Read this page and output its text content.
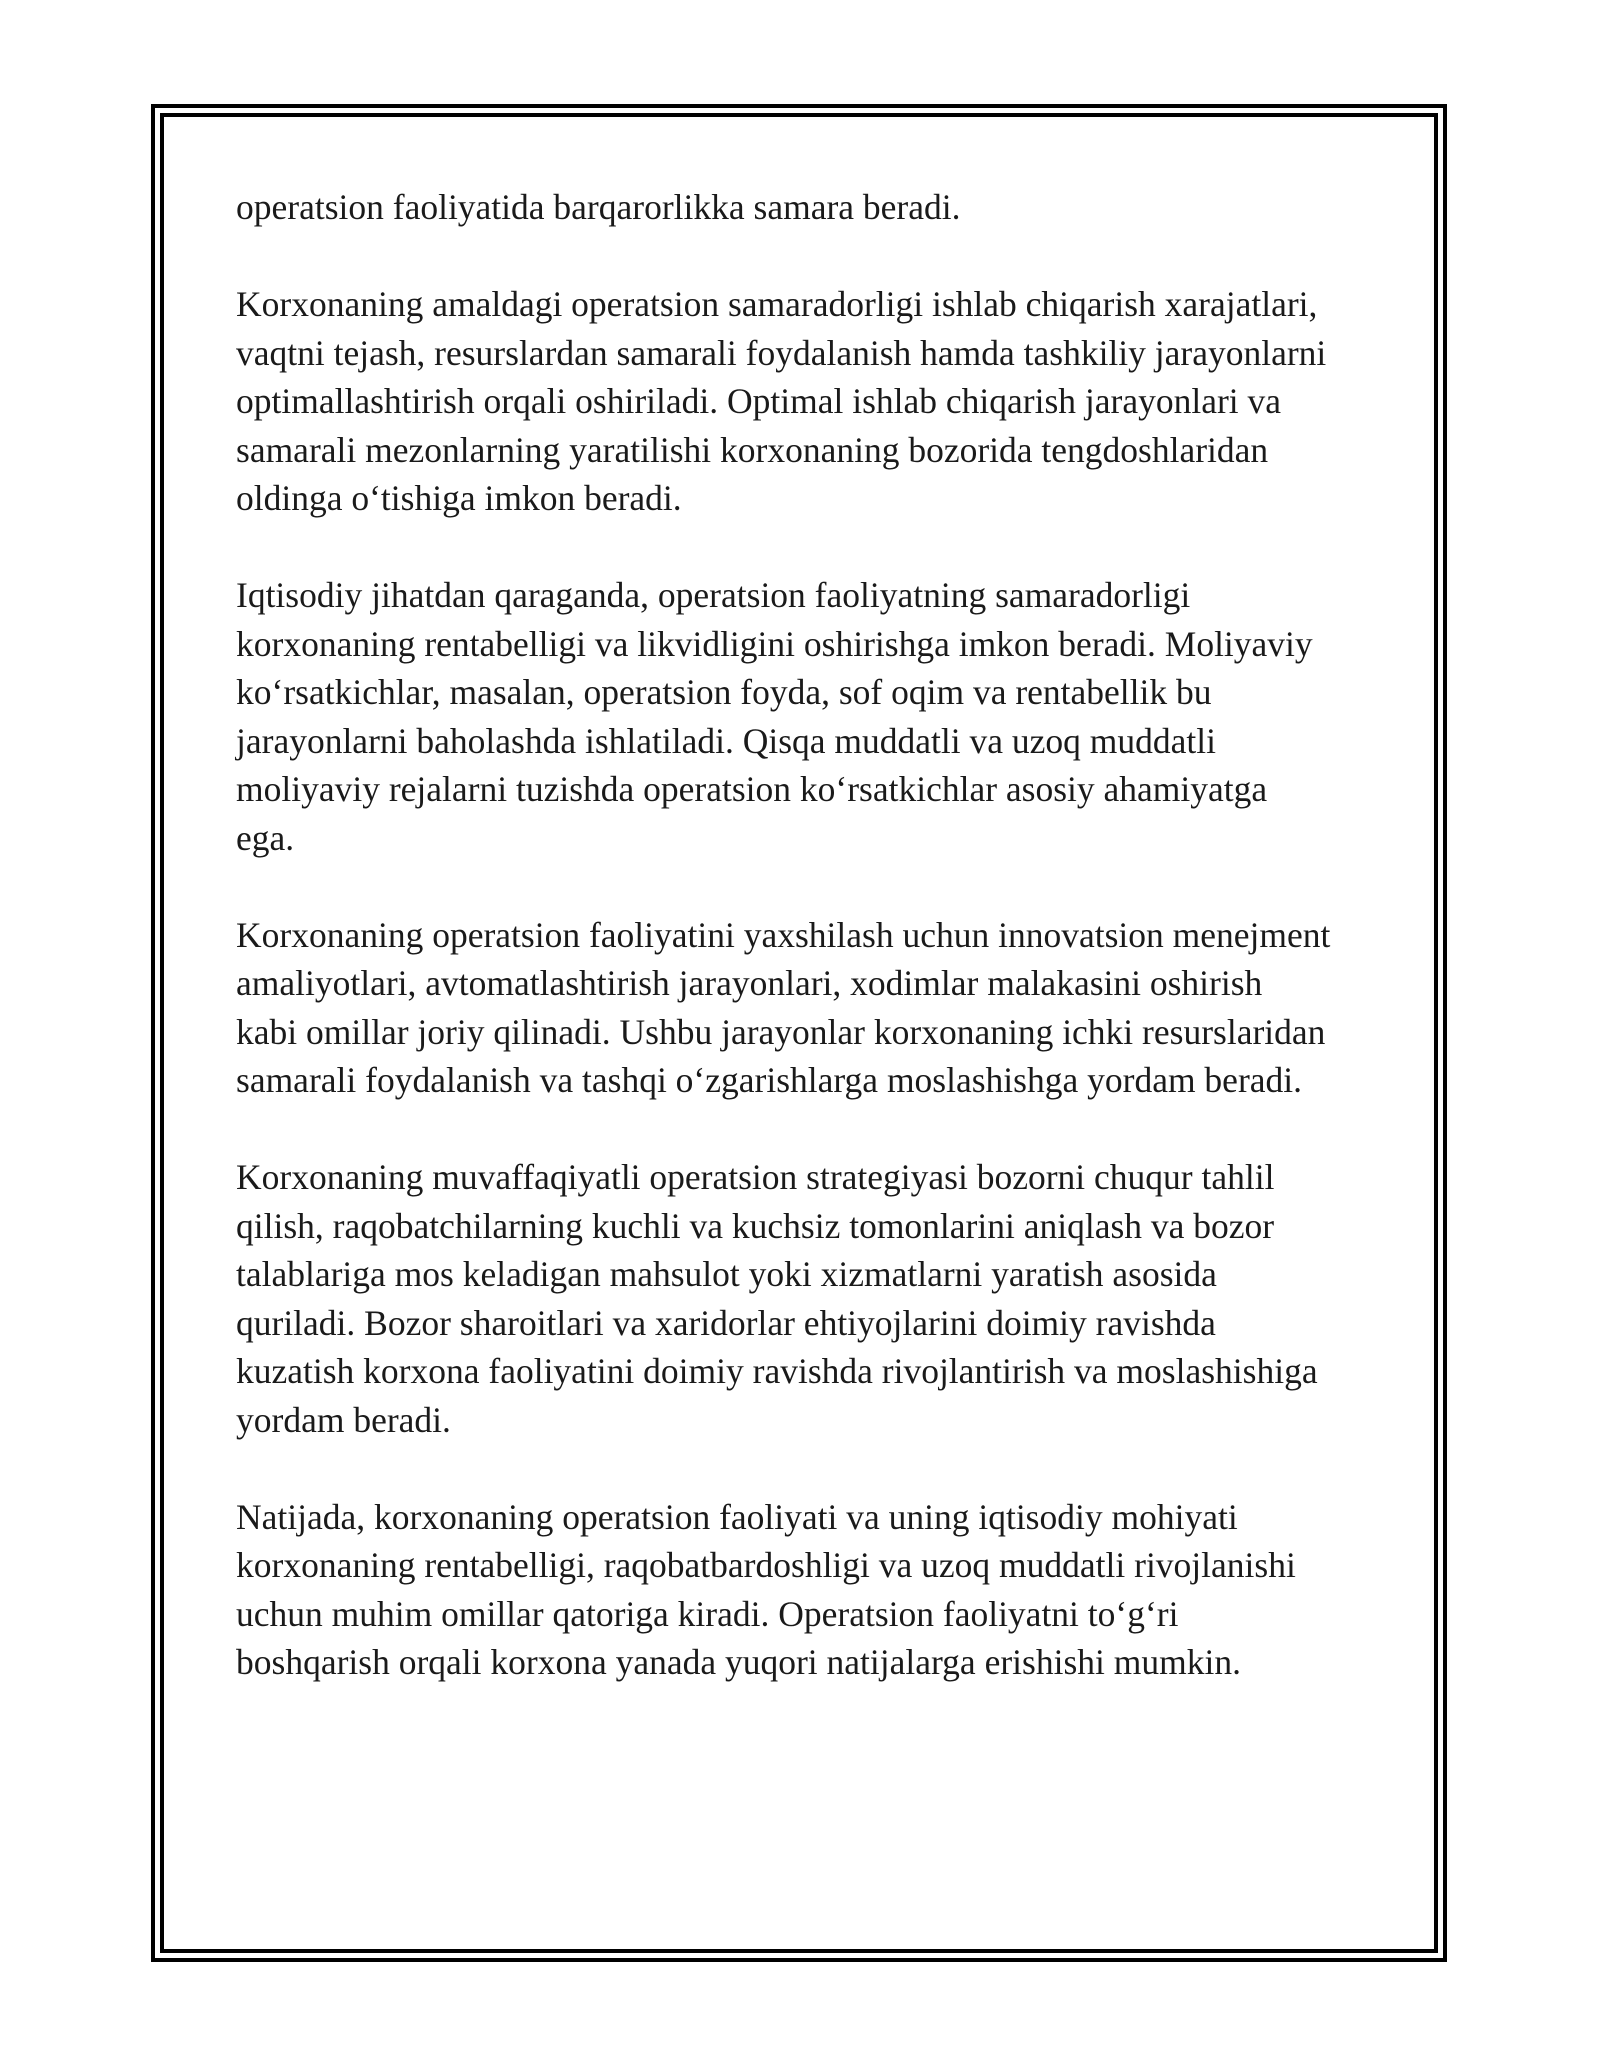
operatsion faoliyatida barqarorlikka samara beradi.

Korxonaning amaldagi operatsion samaradorligi ishlab chiqarish xarajatlari,
vaqtni tejash, resurslardan samarali foydalanish hamda tashkiliy jarayonlarni
optimallashtirish orqali oshiriladi. Optimal ishlab chiqarish jarayonlari va
samarali mezonlarning yaratilishi korxonaning bozorida tengdoshlaridan
oldinga o‘tishiga imkon beradi.

Iqtisodiy jihatdan qaraganda, operatsion faoliyatning samaradorligi
korxonaning rentabelligi va likvidligini oshirishga imkon beradi. Moliyaviy
ko‘rsatkichlar, masalan, operatsion foyda, sof oqim va rentabellik bu
jarayonlarni baholashda ishlatiladi. Qisqa muddatli va uzoq muddatli
moliyaviy rejalarni tuzishda operatsion ko‘rsatkichlar asosiy ahamiyatga
ega.

Korxonaning operatsion faoliyatini yaxshilash uchun innovatsion menejment
amaliyotlari, avtomatlashtirish jarayonlari, xodimlar malakasini oshirish
kabi omillar joriy qilinadi. Ushbu jarayonlar korxonaning ichki resurslaridan
samarali foydalanish va tashqi o‘zgarishlarga moslashishga yordam beradi.

Korxonaning muvaffaqiyatli operatsion strategiyasi bozorni chuqur tahlil
qilish, raqobatchilarning kuchli va kuchsiz tomonlarini aniqlash va bozor
talablariga mos keladigan mahsulot yoki xizmatlarni yaratish asosida
quriladi. Bozor sharoitlari va xaridorlar ehtiyojlarini doimiy ravishda
kuzatish korxona faoliyatini doimiy ravishda rivojlantirish va moslashishiga
yordam beradi.

Natijada, korxonaning operatsion faoliyati va uning iqtisodiy mohiyati
korxonaning rentabelligi, raqobatbardoshligi va uzoq muddatli rivojlanishi
uchun muhim omillar qatoriga kiradi. Operatsion faoliyatni to‘g‘ri
boshqarish orqali korxona yanada yuqori natijalarga erishishi mumkin.
